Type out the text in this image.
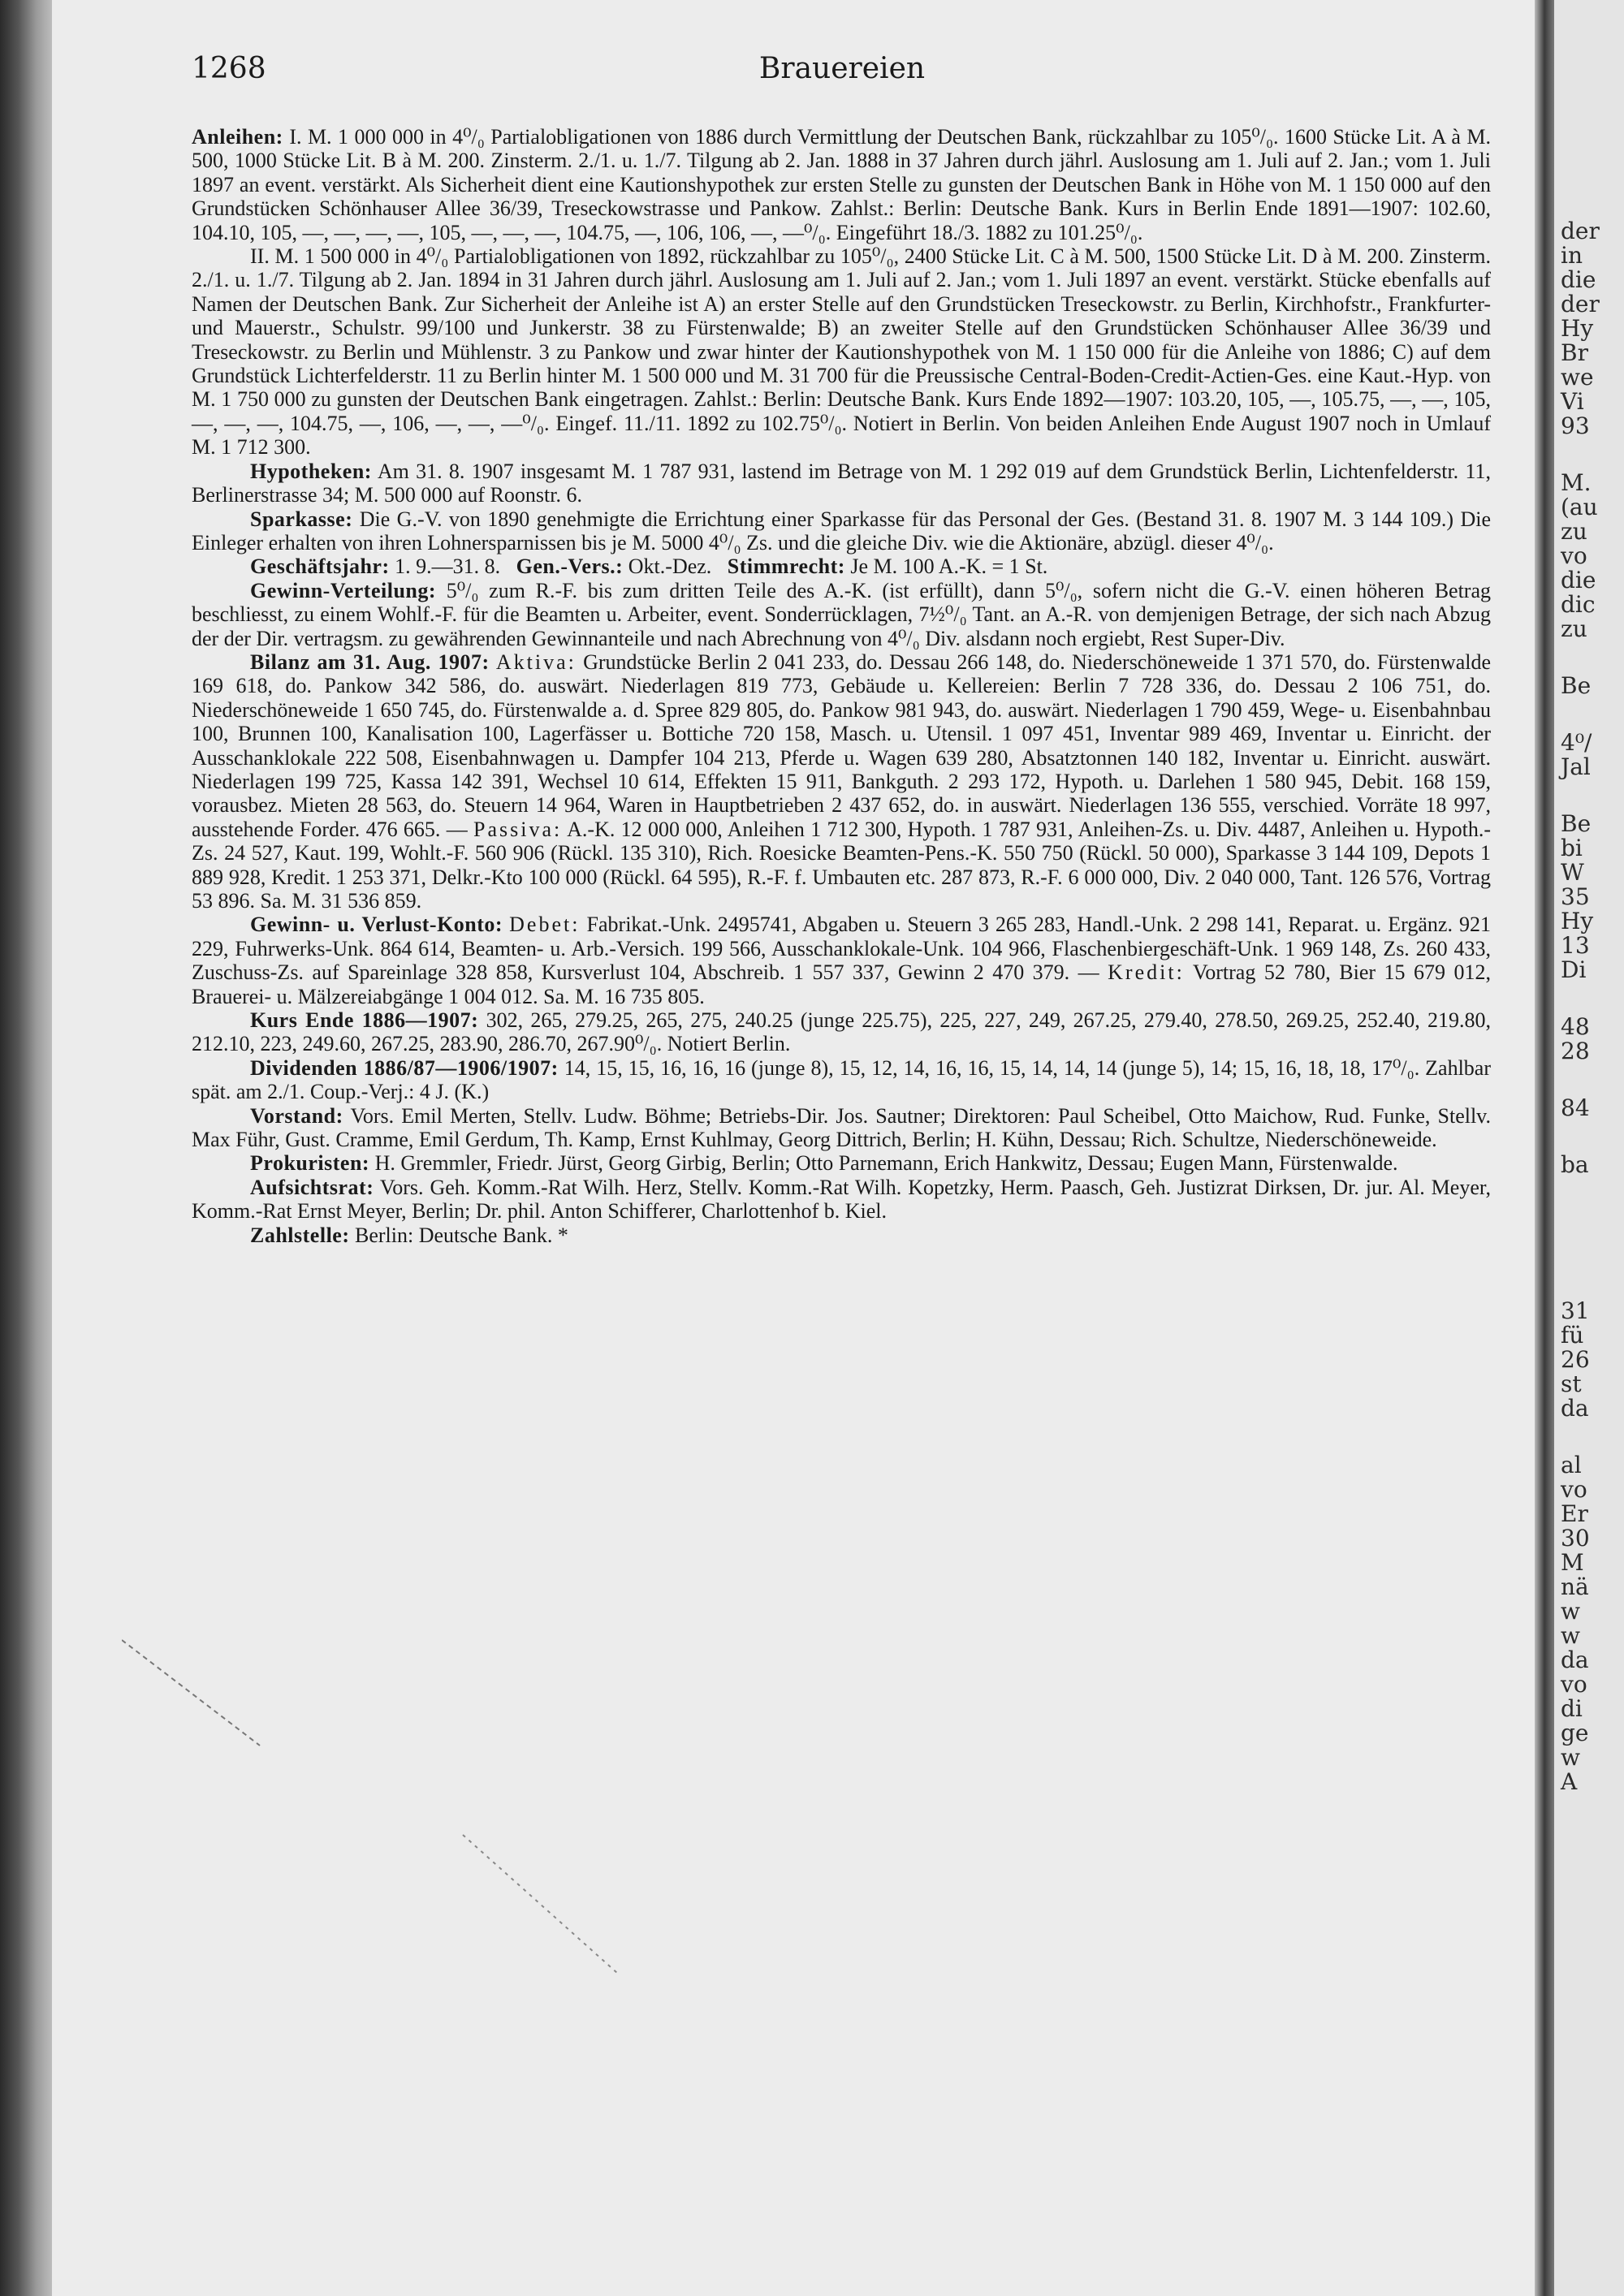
1268	Brauereien

Anleihen: I. M. 1 000 000 in 4⁰/₀ Partialobligationen von 1886 durch Vermittlung der Deutschen Bank, rückzahlbar zu 105⁰/₀. 1600 Stücke Lit. A à M. 500, 1000 Stücke Lit. B à M. 200. Zinsterm. 2./1. u. 1./7. Tilgung ab 2. Jan. 1888 in 37 Jahren durch jährl. Auslosung am 1. Juli auf 2. Jan.; vom 1. Juli 1897 an event. verstärkt. Als Sicherheit dient eine Kautionshypothek zur ersten Stelle zu gunsten der Deutschen Bank in Höhe von M. 1 150 000 auf den Grundstücken Schönhauser Allee 36/39, Treseckowstrasse und Pankow. Zahlst.: Berlin: Deutsche Bank. Kurs in Berlin Ende 1891—1907: 102.60, 104.10, 105, —, —, —, —, 105, —, —, —, 104.75, —, 106, 106, —, —⁰/₀. Eingeführt 18./3. 1882 zu 101.25⁰/₀.

II. M. 1 500 000 in 4⁰/₀ Partialobligationen von 1892, rückzahlbar zu 105⁰/₀, 2400 Stücke Lit. C à M. 500, 1500 Stücke Lit. D à M. 200. Zinsterm. 2./1. u. 1./7. Tilgung ab 2. Jan. 1894 in 31 Jahren durch jährl. Auslosung am 1. Juli auf 2. Jan.; vom 1. Juli 1897 an event. verstärkt. Stücke ebenfalls auf Namen der Deutschen Bank. Zur Sicherheit der Anleihe ist A) an erster Stelle auf den Grundstücken Treseckowstr. zu Berlin, Kirchhofstr., Frankfurter- und Mauerstr., Schulstr. 99/100 und Junkerstr. 38 zu Fürstenwalde; B) an zweiter Stelle auf den Grundstücken Schönhauser Allee 36/39 und Treseckowstr. zu Berlin und Mühlenstr. 3 zu Pankow und zwar hinter der Kautionshypothek von M. 1 150 000 für die Anleihe von 1886; C) auf dem Grundstück Lichterfelderstr. 11 zu Berlin hinter M. 1 500 000 und M. 31 700 für die Preussische Central-Boden-Credit-Actien-Ges. eine Kaut.-Hyp. von M. 1 750 000 zu gunsten der Deutschen Bank eingetragen. Zahlst.: Berlin: Deutsche Bank. Kurs Ende 1892—1907: 103.20, 105, —, 105.75, —, —, 105, —, —, —, 104.75, —, 106, —, —, —⁰/₀. Eingef. 11./11. 1892 zu 102.75⁰/₀. Notiert in Berlin. Von beiden Anleihen Ende August 1907 noch in Umlauf M. 1 712 300.

Hypotheken: Am 31. 8. 1907 insgesamt M. 1 787 931, lastend im Betrage von M. 1 292 019 auf dem Grundstück Berlin, Lichtenfelderstr. 11, Berlinerstrasse 34; M. 500 000 auf Roonstr. 6.

Sparkasse: Die G.-V. von 1890 genehmigte die Errichtung einer Sparkasse für das Personal der Ges. (Bestand 31. 8. 1907 M. 3 144 109.) Die Einleger erhalten von ihren Lohnersparnissen bis je M. 5000 4⁰/₀ Zs. und die gleiche Div. wie die Aktionäre, abzügl. dieser 4⁰/₀.

Geschäftsjahr: 1. 9.—31. 8. Gen.-Vers.: Okt.-Dez. Stimmrecht: Je M. 100 A.-K. = 1 St.

Gewinn-Verteilung: 5⁰/₀ zum R.-F. bis zum dritten Teile des A.-K. (ist erfüllt), dann 5⁰/₀, sofern nicht die G.-V. einen höheren Betrag beschliesst, zu einem Wohlf.-F. für die Beamten u. Arbeiter, event. Sonderrücklagen, 7½⁰/₀ Tant. an A.-R. von demjenigen Betrage, der sich nach Abzug der der Dir. vertragsm. zu gewährenden Gewinnanteile und nach Abrechnung von 4⁰/₀ Div. alsdann noch ergiebt, Rest Super-Div.

Bilanz am 31. Aug. 1907: Aktiva: Grundstücke Berlin 2 041 233, do. Dessau 266 148, do. Niederschöneweide 1 371 570, do. Fürstenwalde 169 618, do. Pankow 342 586, do. auswärt. Niederlagen 819 773, Gebäude u. Kellereien: Berlin 7 728 336, do. Dessau 2 106 751, do. Niederschöneweide 1 650 745, do. Fürstenwalde a. d. Spree 829 805, do. Pankow 981 943, do. auswärt. Niederlagen 1 790 459, Wege- u. Eisenbahnbau 100, Brunnen 100, Kanalisation 100, Lagerfässer u. Bottiche 720 158, Masch. u. Utensil. 1 097 451, Inventar 989 469, Inventar u. Einricht. der Ausschanklokale 222 508, Eisenbahnwagen u. Dampfer 104 213, Pferde u. Wagen 639 280, Absatztonnen 140 182, Inventar u. Einricht. auswärt. Niederlagen 199 725, Kassa 142 391, Wechsel 10 614, Effekten 15 911, Bankguth. 2 293 172, Hypoth. u. Darlehen 1 580 945, Debit. 168 159, vorausbez. Mieten 28 563, do. Steuern 14 964, Waren in Hauptbetrieben 2 437 652, do. in auswärt. Niederlagen 136 555, verschied. Vorräte 18 997, ausstehende Forder. 476 665. — Passiva: A.-K. 12 000 000, Anleihen 1 712 300, Hypoth. 1 787 931, Anleihen-Zs. u. Div. 4487, Anleihen u. Hypoth.-Zs. 24 527, Kaut. 199, Wohlt.-F. 560 906 (Rückl. 135 310), Rich. Roesicke Beamten-Pens.-K. 550 750 (Rückl. 50 000), Sparkasse 3 144 109, Depots 1 889 928, Kredit. 1 253 371, Delkr.-Kto 100 000 (Rückl. 64 595), R.-F. f. Umbauten etc. 287 873, R.-F. 6 000 000, Div. 2 040 000, Tant. 126 576, Vortrag 53 896. Sa. M. 31 536 859.

Gewinn- u. Verlust-Konto: Debet: Fabrikat.-Unk. 2495741, Abgaben u. Steuern 3 265 283, Handl.-Unk. 2 298 141, Reparat. u. Ergänz. 921 229, Fuhrwerks-Unk. 864 614, Beamten- u. Arb.-Versich. 199 566, Ausschanklokale-Unk. 104 966, Flaschenbiergeschäft-Unk. 1 969 148, Zs. 260 433, Zuschuss-Zs. auf Spareinlage 328 858, Kursverlust 104, Abschreib. 1 557 337, Gewinn 2 470 379. — Kredit: Vortrag 52 780, Bier 15 679 012, Brauerei- u. Mälzereiabgänge 1 004 012. Sa. M. 16 735 805.

Kurs Ende 1886—1907: 302, 265, 279.25, 265, 275, 240.25 (junge 225.75), 225, 227, 249, 267.25, 279.40, 278.50, 269.25, 252.40, 219.80, 212.10, 223, 249.60, 267.25, 283.90, 286.70, 267.90⁰/₀. Notiert Berlin.

Dividenden 1886/87—1906/1907: 14, 15, 15, 16, 16, 16 (junge 8), 15, 12, 14, 16, 16, 15, 14, 14, 14 (junge 5), 14; 15, 16, 18, 18, 17⁰/₀. Zahlbar spät. am 2./1. Coup.-Verj.: 4 J. (K.)

Vorstand: Vors. Emil Merten, Stellv. Ludw. Böhme; Betriebs-Dir. Jos. Sautner; Direktoren: Paul Scheibel, Otto Maichow, Rud. Funke, Stellv. Max Führ, Gust. Cramme, Emil Gerdum, Th. Kamp, Ernst Kuhlmay, Georg Dittrich, Berlin; H. Kühn, Dessau; Rich. Schultze, Niederschöneweide.

Prokuristen: H. Gremmler, Friedr. Jürst, Georg Girbig, Berlin; Otto Parnemann, Erich Hankwitz, Dessau; Eugen Mann, Fürstenwalde.

Aufsichtsrat: Vors. Geh. Komm.-Rat Wilh. Herz, Stellv. Komm.-Rat Wilh. Kopetzky, Herm. Paasch, Geh. Justizrat Dirksen, Dr. jur. Al. Meyer, Komm.-Rat Ernst Meyer, Berlin; Dr. phil. Anton Schifferer, Charlottenhof b. Kiel.

Zahlstelle: Berlin: Deutsche Bank. *

der
in
die
der
Hy
Br
we
Vi
93
M.
(au
zu
vo
die
dic
zu
Be
4⁰/
Jal
Be
bi
W
35
Hy
13
Di
48
28
84
ba
31
fü
26
st
da
al
vo
Er
30
M
nä
w
w
da
vo
di
ge
w
A
